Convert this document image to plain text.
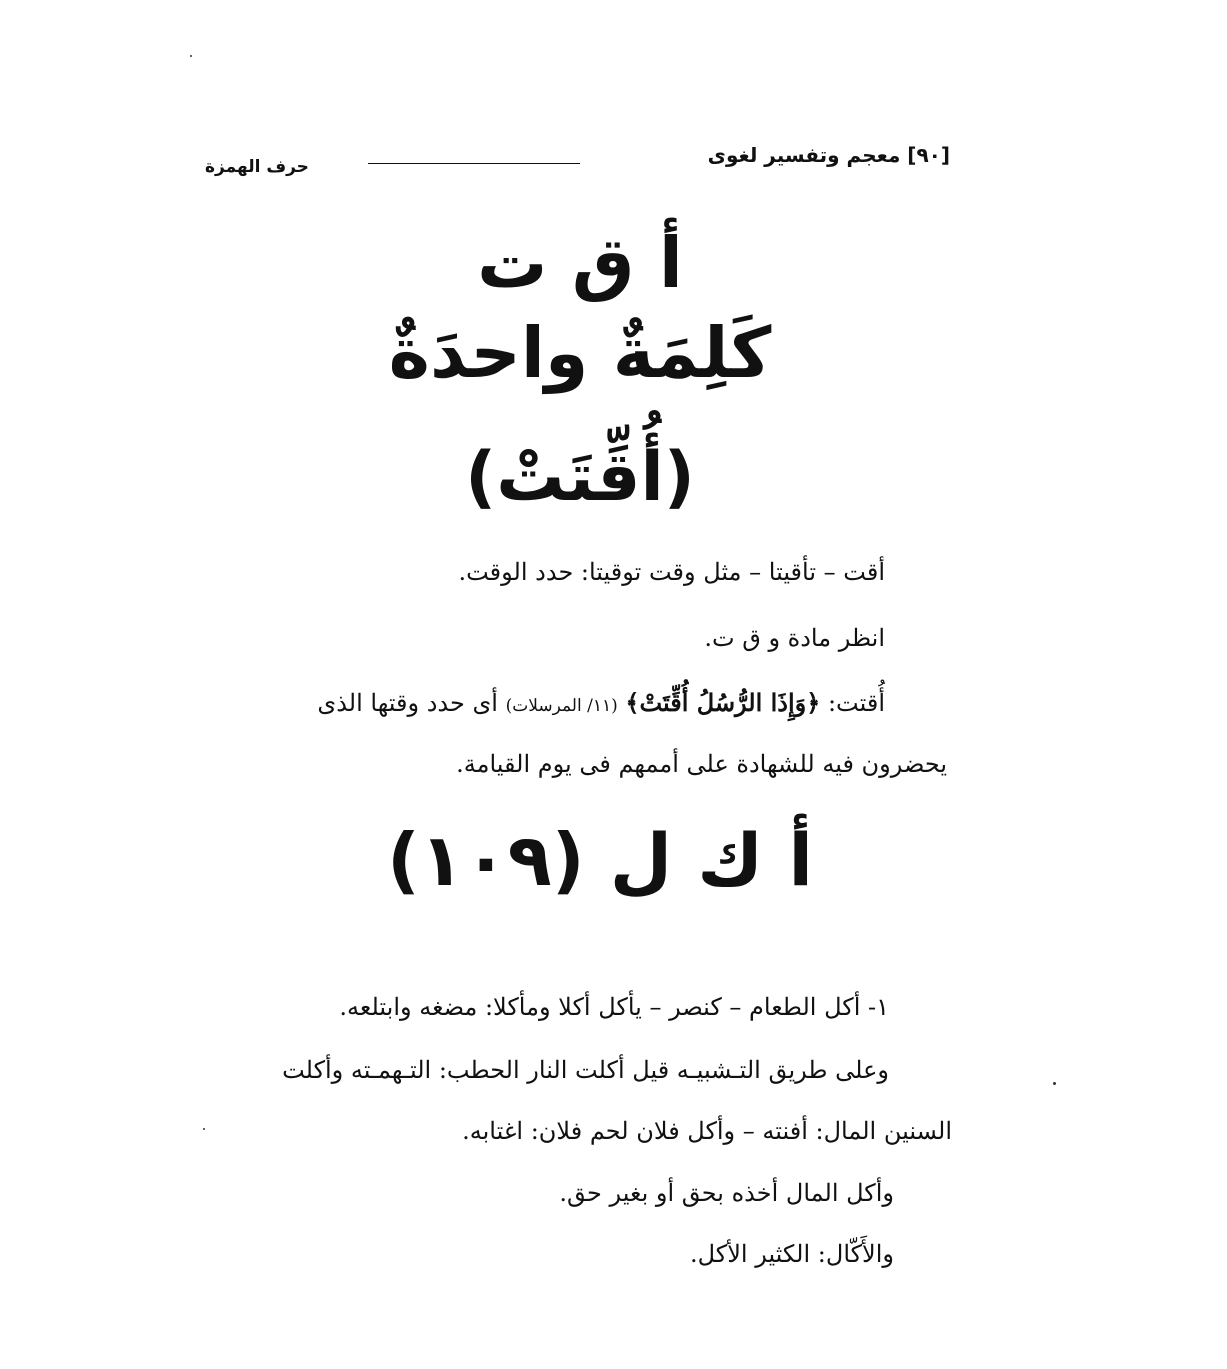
[٩٠] معجم وتفسير لغوى
حرف الهمزة
أ ق ت
كَلِمَةٌ واحدَةٌ
(أُقِّتَتْ)
أقت – تأقيتا – مثل وقت توقيتا: حدد الوقت.
انظر مادة و ق ت.
أُقتت: ﴿وَإِذَا الرُّسُلُ أُقِّتَتْ﴾ (١١/ المرسلات) أى حدد وقتها الذى
يحضرون فيه للشهادة على أممهم فى يوم القيامة.
أ ك ل (١٠٩)
١- أكل الطعام – كنصر – يأكل أكلا ومأكلا: مضغه وابتلعه.
وعلى طريق التـشبيـه قيل أكلت النار الحطب: التـهمـته وأكلت
السنين المال: أفنته – وأكل فلان لحم فلان: اغتابه.
وأكل المال أخذه بحق أو بغير حق.
والأَكّال: الكثير الأكل.
